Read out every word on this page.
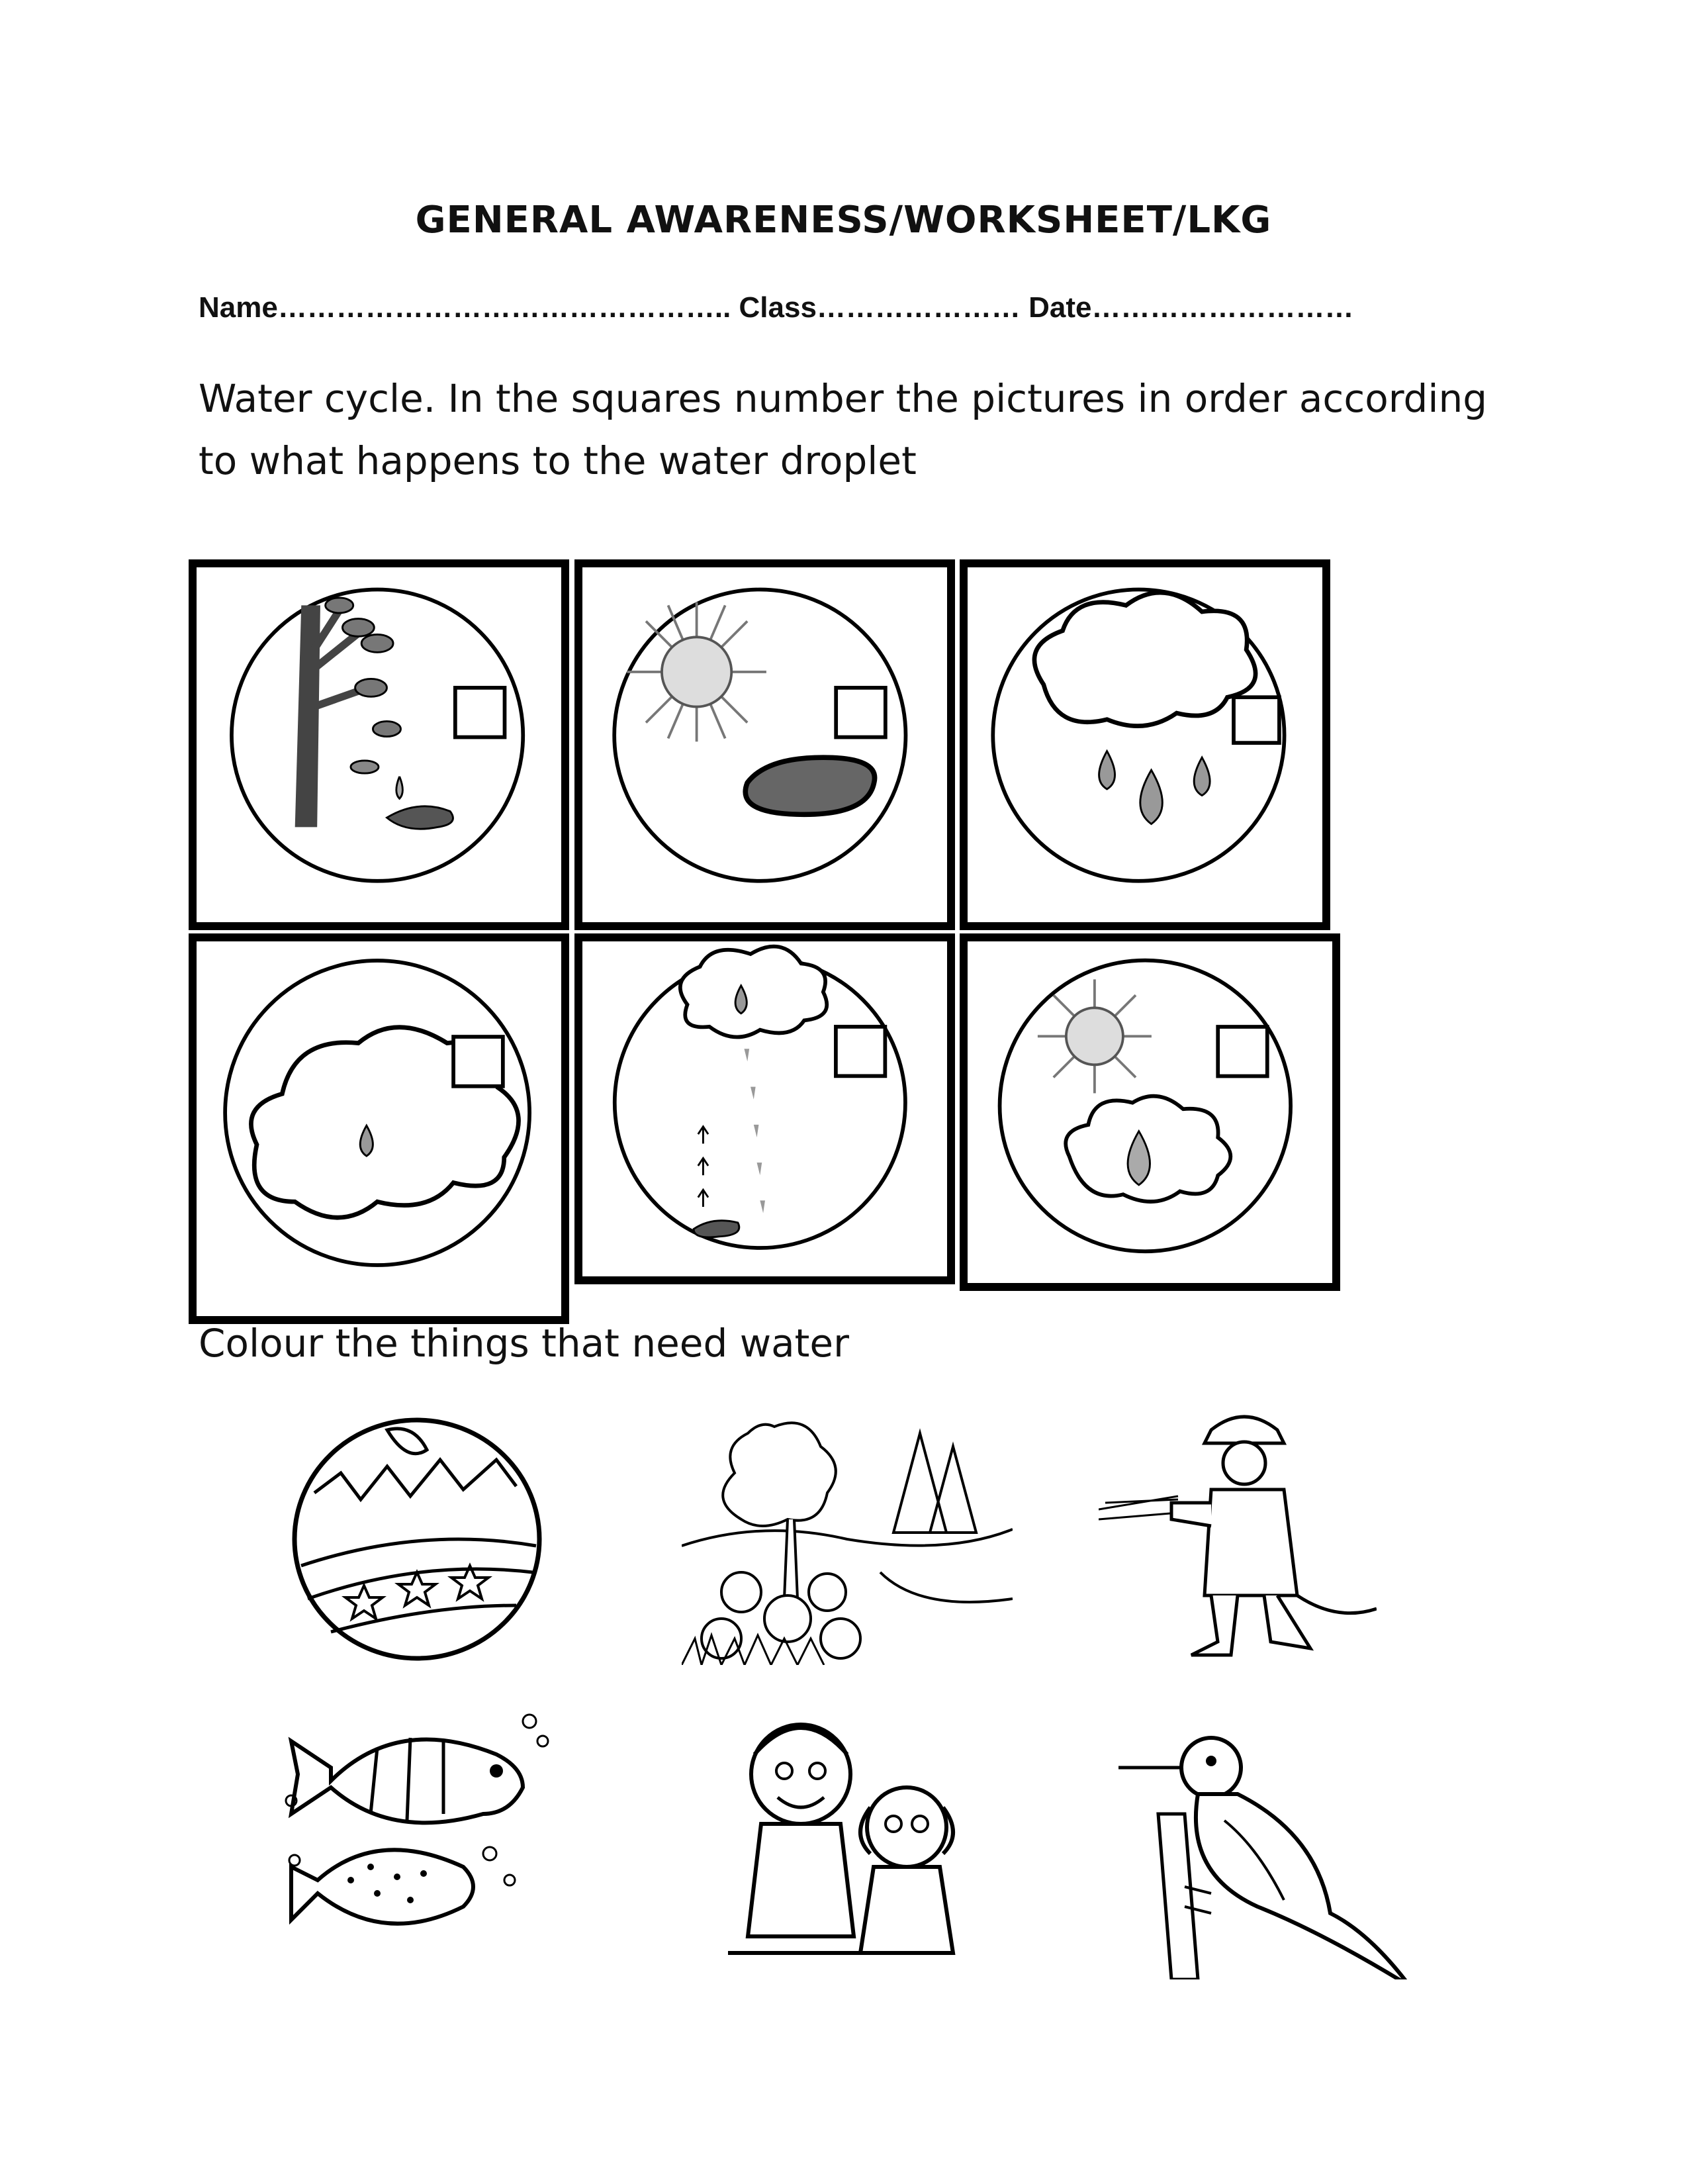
GENERAL AWARENESS/WORKSHEET/LKG
Name……………………………………….. Class………………… Date………………………
Water cycle. In the squares number the pictures in order according to what happens to the water droplet
Colour the things that need water
